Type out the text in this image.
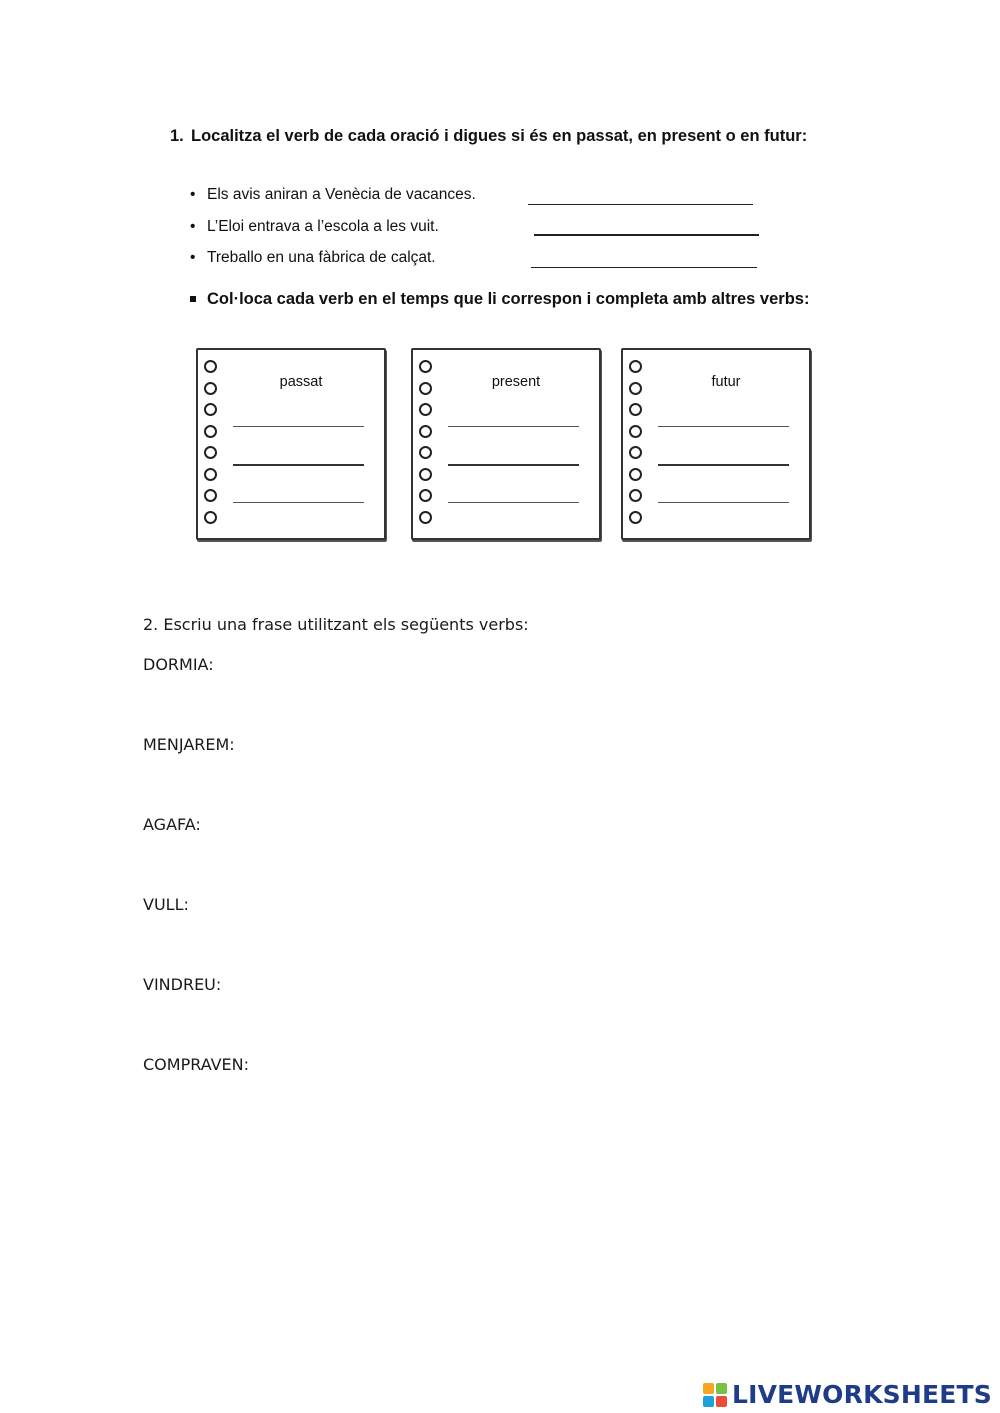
1. Localitza el verb de cada oració i digues si és en passat, en present o en futur:
• Els avis aniran a Venècia de vacances.
• L’Eloi entrava a l’escola a les vuit.
• Treballo en una fàbrica de calçat.
Col·loca cada verb en el temps que li correspon i completa amb altres verbs:
passat	present	futur
2. Escriu una frase utilitzant els següents verbs:
DORMIA:
MENJAREM:
AGAFA:
VULL:
VINDREU:
COMPRAVEN:
LIVEWORKSHEETS
